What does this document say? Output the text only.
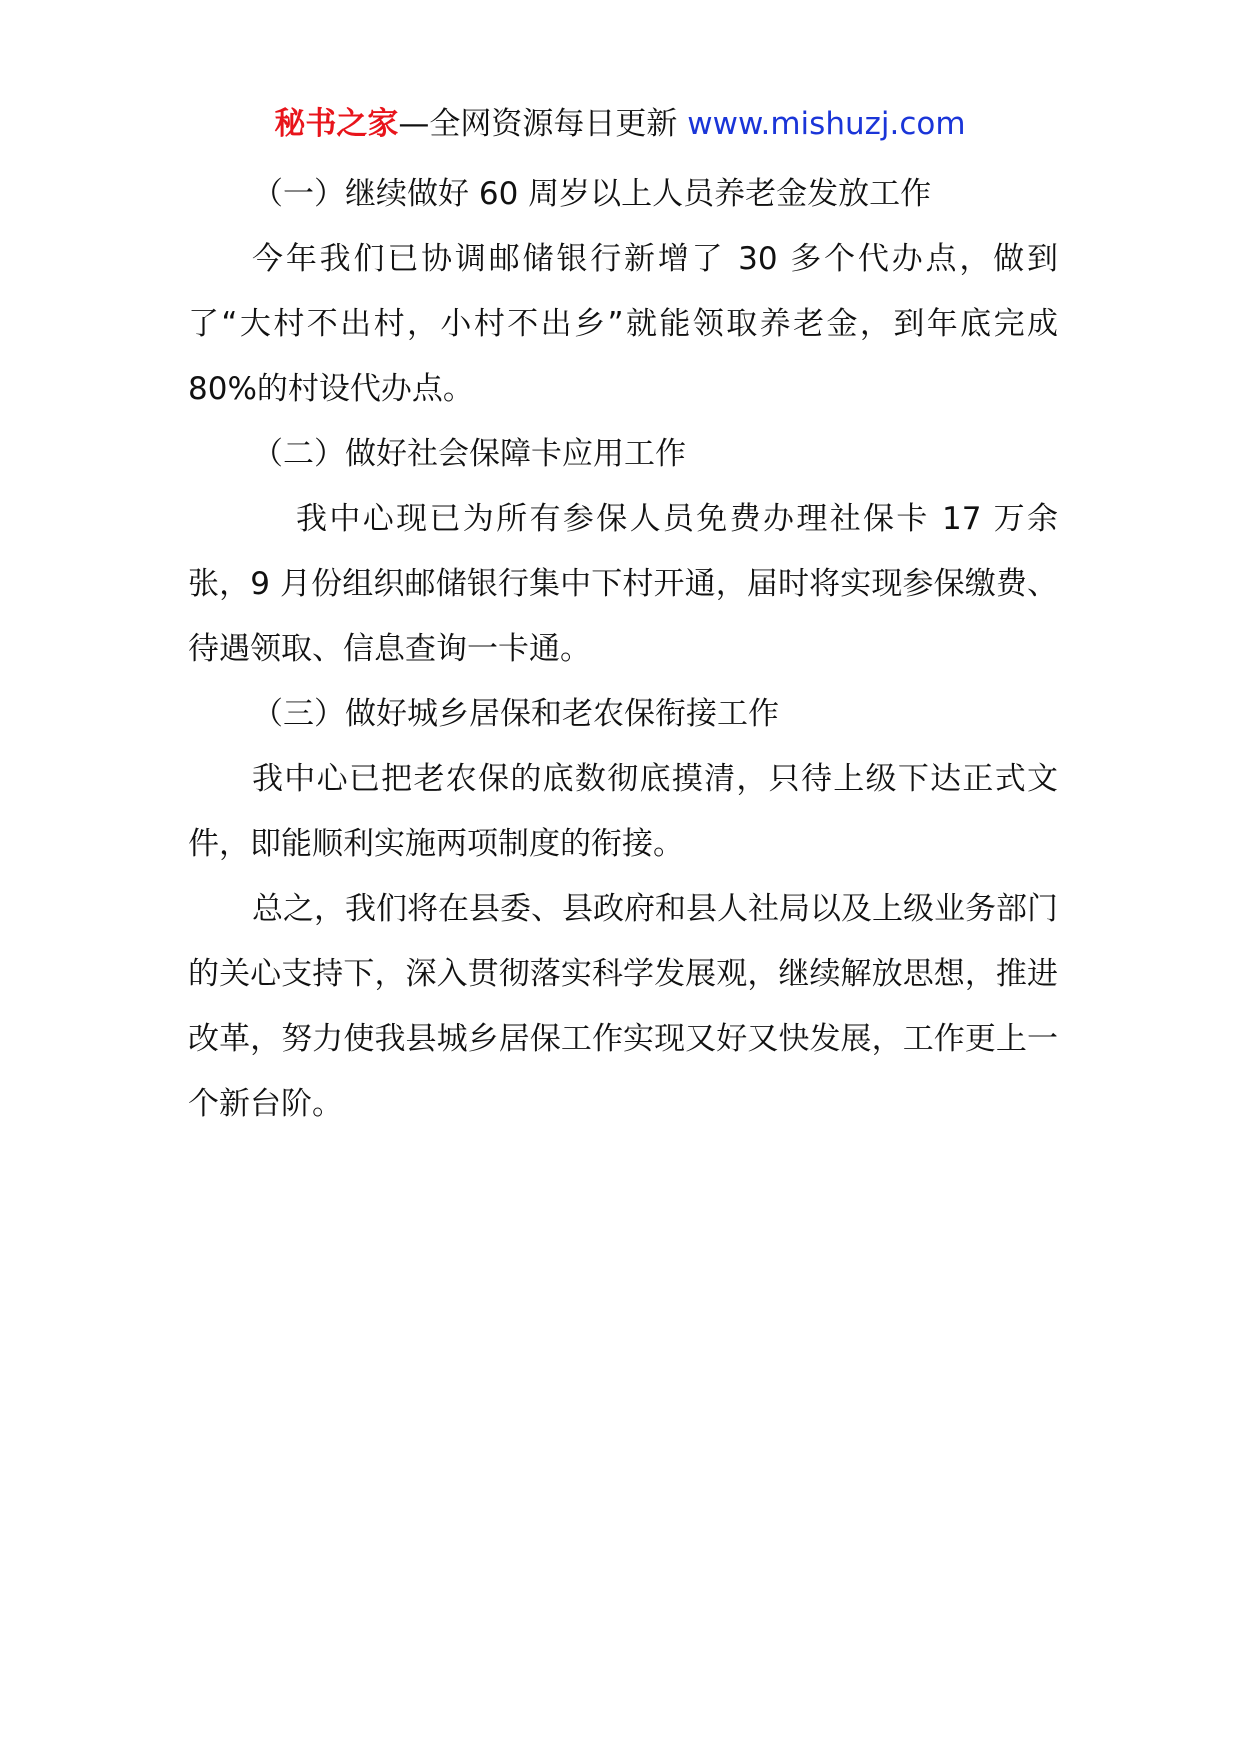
秘书之家—全网资源每日更新 www.mishuzj.com

（一）继续做好 60 周岁以上人员养老金发放工作

今年我们已协调邮储银行新增了 30 多个代办点，做到了“大村不出村，小村不出乡”就能领取养老金，到年底完成 80%的村设代办点。

（二）做好社会保障卡应用工作

我中心现已为所有参保人员免费办理社保卡 17 万余张，9 月份组织邮储银行集中下村开通，届时将实现参保缴费、待遇领取、信息查询一卡通。

（三）做好城乡居保和老农保衔接工作

我中心已把老农保的底数彻底摸清，只待上级下达正式文件，即能顺利实施两项制度的衔接。

总之，我们将在县委、县政府和县人社局以及上级业务部门的关心支持下，深入贯彻落实科学发展观，继续解放思想，推进改革，努力使我县城乡居保工作实现又好又快发展，工作更上一个新台阶。
